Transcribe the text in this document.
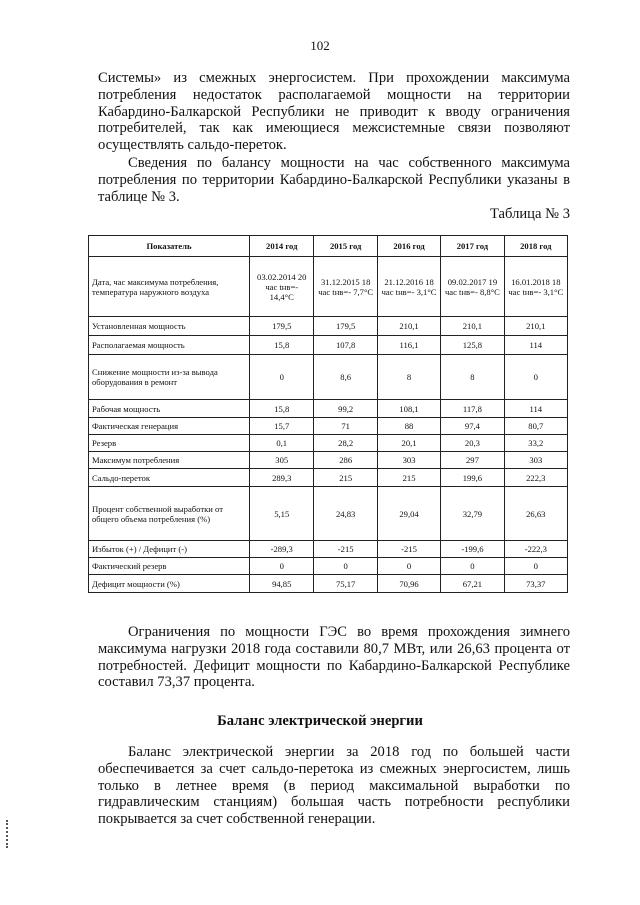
102
Системы» из смежных энергосистем. При прохождении максимума потребления недостаток располагаемой мощности на территории Кабардино-Балкарской Республики не приводит к вводу ограничения потребителей, так как имеющиеся межсистемные связи позволяют осуществлять сальдо-переток.
Сведения по балансу мощности на час собственного максимума потребления по территории Кабардино-Балкарской Республики указаны в таблице № 3.
Таблица № 3
Показатель	2014 год	2015 год	2016 год	2017 год	2018 год
Дата, час максимума потребления, температура наружного воздуха	03.02.2014 20 час tнв=- 14,4°С	31.12.2015 18 час tнв=- 7,7°С	21.12.2016 18 час tнв=- 3,1°С	09.02.2017 19 час tнв=- 8,8°С	16.01.2018 18 час tнв=- 3,1°С
Установленная мощность	179,5	179,5	210,1	210,1	210,1
Располагаемая мощность	15,8	107,8	116,1	125,8	114
Снижение мощности из-за вывода оборудования в ремонт	0	8,6	8	8	0
Рабочая мощность	15,8	99,2	108,1	117,8	114
Фактическая генерация	15,7	71	88	97,4	80,7
Резерв	0,1	28,2	20,1	20,3	33,2
Максимум потребления	305	286	303	297	303
Сальдо-переток	289,3	215	215	199,6	222,3
Процент собственной выработки от общего объема потребления (%)	5,15	24,83	29,04	32,79	26,63
Избыток (+) / Дефицит (-)	-289,3	-215	-215	-199,6	-222,3
Фактический резерв	0	0	0	0	0
Дефицит мощности (%)	94,85	75,17	70,96	67,21	73,37
Ограничения по мощности ГЭС во время прохождения зимнего максимума нагрузки 2018 года составили 80,7 МВт, или 26,63 процента от потребностей. Дефицит мощности по Кабардино-Балкарской Республике составил 73,37 процента.
Баланс электрической энергии
Баланс электрической энергии за 2018 год по большей части обеспечивается за счет сальдо-перетока из смежных энергосистем, лишь только в летнее время (в период максимальной выработки по гидравлическим станциям) большая часть потребности республики покрывается за счет собственной генерации.
